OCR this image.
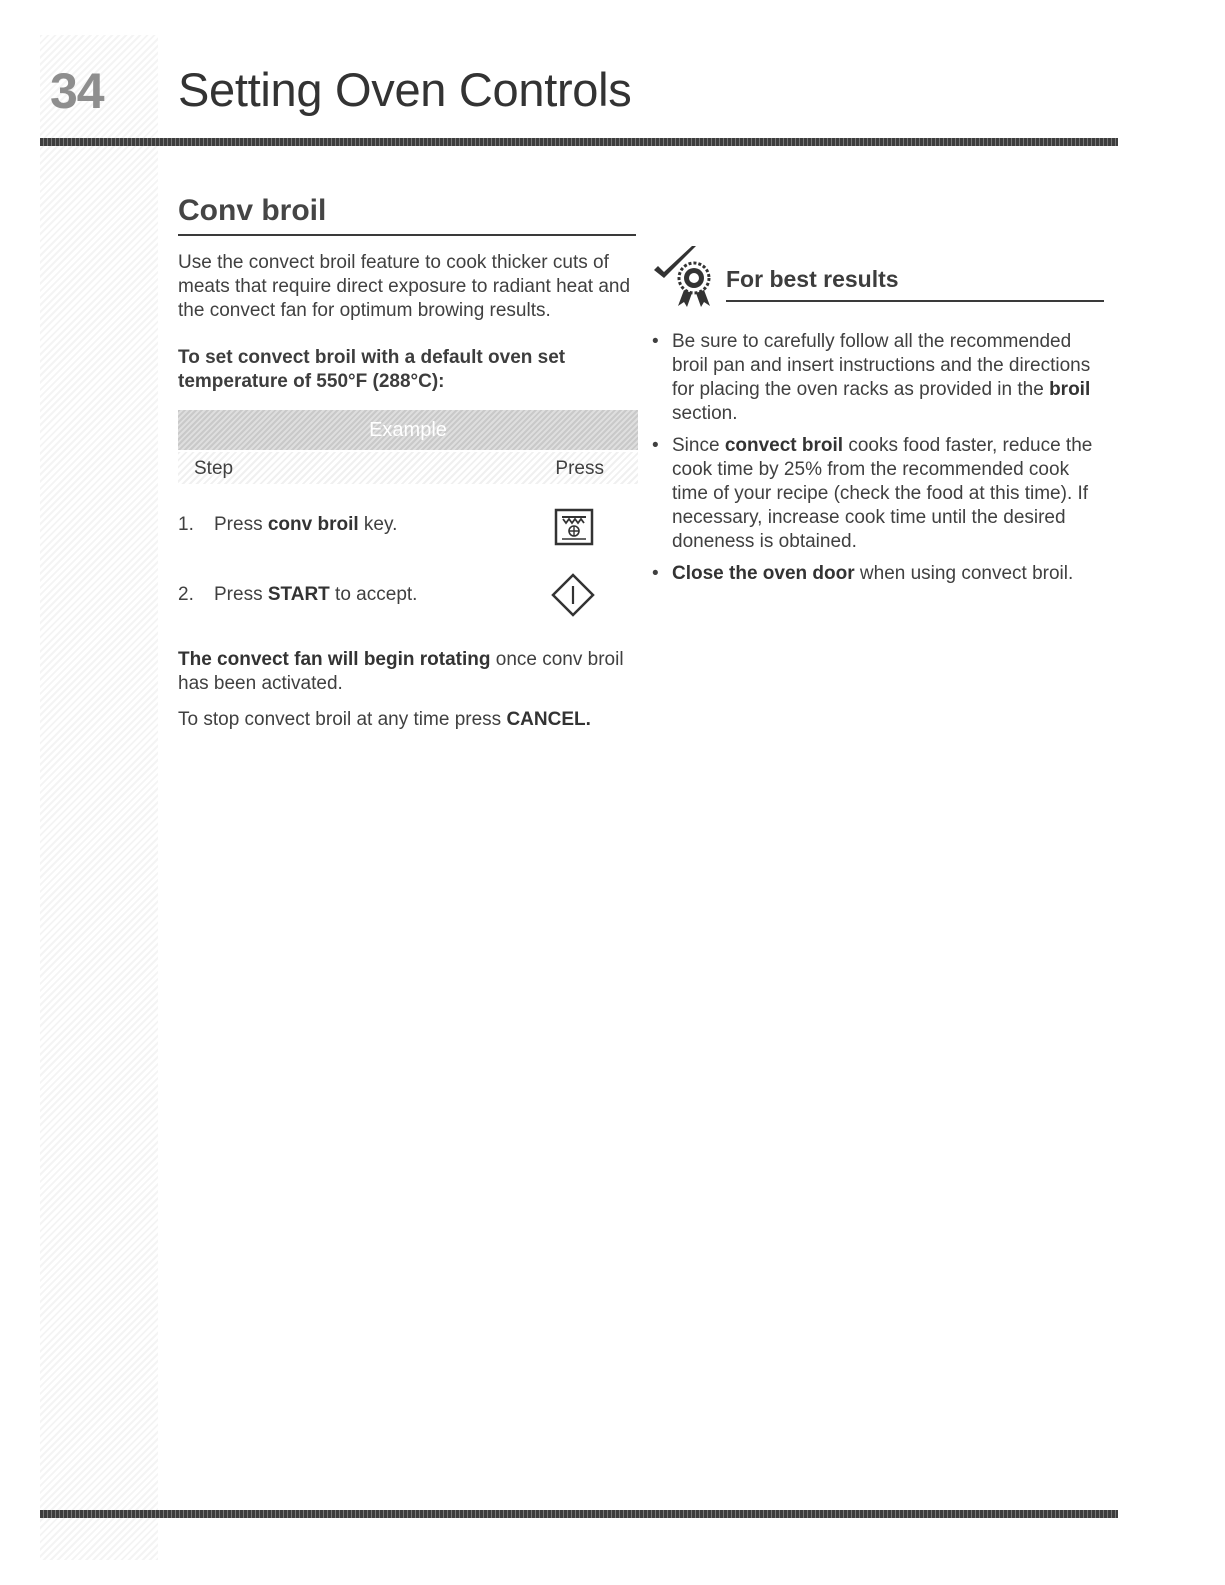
34 Setting Oven Controls
Conv broil
Use the convect broil feature to cook thicker cuts of meats that require direct exposure to radiant heat and the convect fan for optimum browing results.
To set convect broil with a default oven set temperature of 550°F (288°C):
Example
Step	Press
1. Press conv broil key.
2. Press START to accept.
The convect fan will begin rotating once conv broil has been activated.
To stop convect broil at any time press CANCEL.
For best results
• Be sure to carefully follow all the recommended broil pan and insert instructions and the directions for placing the oven racks as provided in the broil section.
• Since convect broil cooks food faster, reduce the cook time by 25% from the recommended cook time of your recipe (check the food at this time). If necessary, increase cook time until the desired doneness is obtained.
• Close the oven door when using convect broil.
